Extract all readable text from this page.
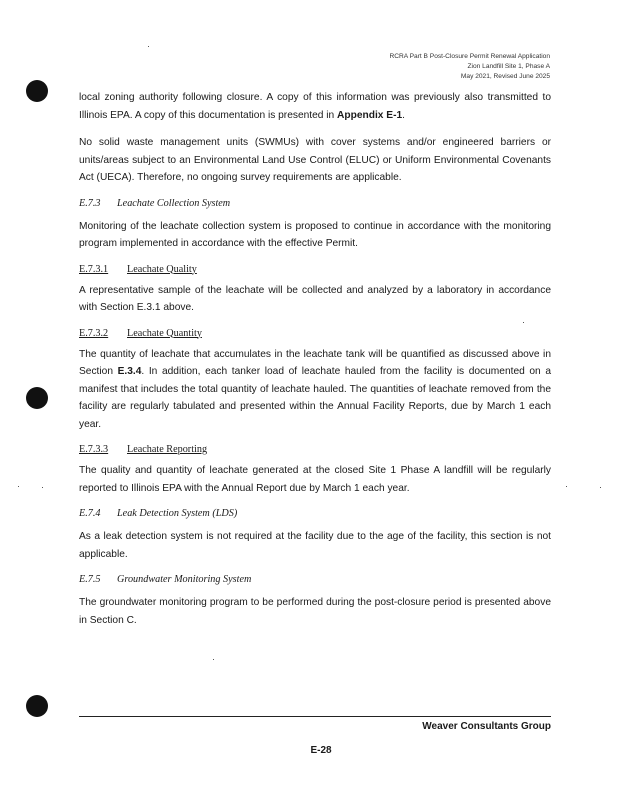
RCRA Part B Post-Closure Permit Renewal Application
Zion Landfill Site 1, Phase A
May 2021, Revised June 2025

local zoning authority following closure. A copy of this information was previously also transmitted to Illinois EPA. A copy of this documentation is presented in Appendix E-1.

No solid waste management units (SWMUs) with cover systems and/or engineered barriers or units/areas subject to an Environmental Land Use Control (ELUC) or Uniform Environmental Covenants Act (UECA). Therefore, no ongoing survey requirements are applicable.

E.7.3 Leachate Collection System

Monitoring of the leachate collection system is proposed to continue in accordance with the monitoring program implemented in accordance with the effective Permit.

E.7.3.1 Leachate Quality

A representative sample of the leachate will be collected and analyzed by a laboratory in accordance with Section E.3.1 above.

E.7.3.2 Leachate Quantity

The quantity of leachate that accumulates in the leachate tank will be quantified as discussed above in Section E.3.4. In addition, each tanker load of leachate hauled from the facility is documented on a manifest that includes the total quantity of leachate hauled. The quantities of leachate removed from the facility are regularly tabulated and presented within the Annual Facility Reports, due by March 1 each year.

E.7.3.3 Leachate Reporting

The quality and quantity of leachate generated at the closed Site 1 Phase A landfill will be regularly reported to Illinois EPA with the Annual Report due by March 1 each year.

E.7.4 Leak Detection System (LDS)

As a leak detection system is not required at the facility due to the age of the facility, this section is not applicable.

E.7.5 Groundwater Monitoring System

The groundwater monitoring program to be performed during the post-closure period is presented above in Section C.

Weaver Consultants Group
E-28
